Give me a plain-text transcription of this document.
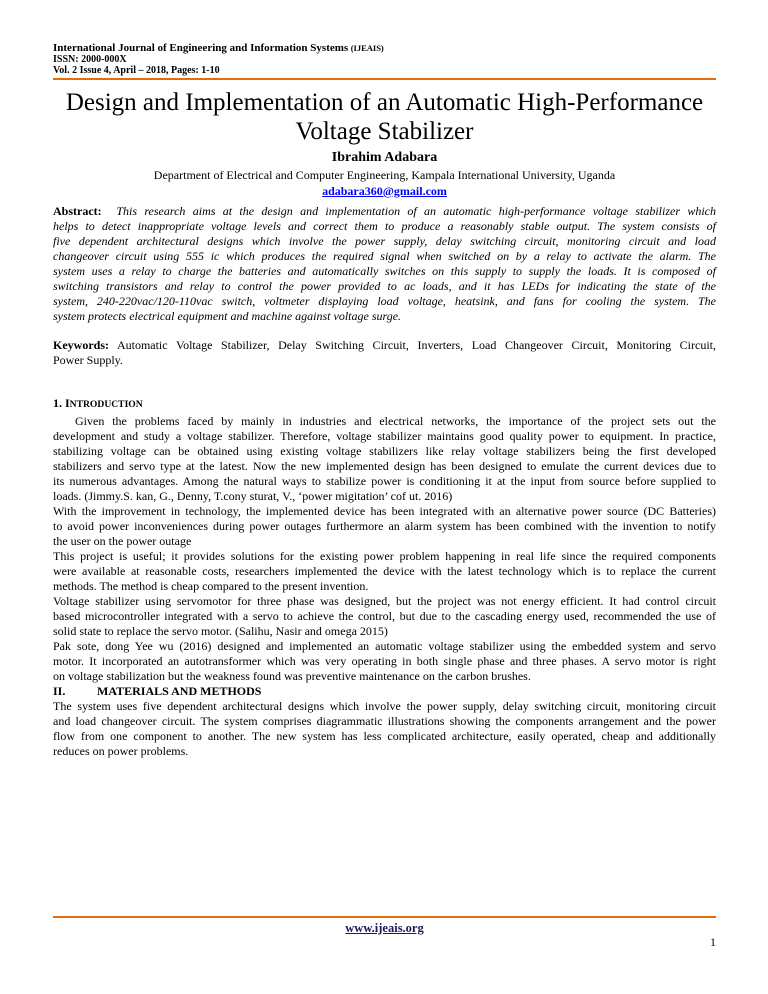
International Journal of Engineering and Information Systems (IJEAIS)
ISSN: 2000-000X
Vol. 2 Issue 4, April – 2018, Pages: 1-10
Design and Implementation of an Automatic High-Performance
Voltage Stabilizer
Ibrahim Adabara
Department of Electrical and Computer Engineering, Kampala International University, Uganda
adabara360@gmail.com
Abstract: This research aims at the design and implementation of an automatic high-performance voltage stabilizer which
helps to detect inappropriate voltage levels and correct them to produce a reasonably stable output. The system consists of
five dependent architectural designs which involve the power supply, delay switching circuit, monitoring circuit and load
changeover circuit using 555 ic which produces the required signal when switched on by a relay to activate the alarm. The
system uses a relay to charge the batteries and automatically switches on this supply to supply the loads. It is composed of
switching transistors and relay to control the power provided to ac loads, and it has LEDs for indicating the state of the
system, 240-220vac/120-110vac switch, voltmeter displaying load voltage, heatsink, and fans for cooling the system. The
system protects electrical equipment and machine against voltage surge.
Keywords: Automatic Voltage Stabilizer, Delay Switching Circuit, Inverters, Load Changeover Circuit, Monitoring Circuit,
Power Supply.
1. INTRODUCTION
Given the problems faced by mainly in industries and electrical networks, the importance of the project sets out the
development and study a voltage stabilizer. Therefore, voltage stabilizer maintains good quality power to equipment. In practice,
stabilizing voltage can be obtained using existing voltage stabilizers like relay voltage stabilizers being the first developed
stabilizers and servo type at the latest. Now the new implemented design has been designed to emulate the current devices due to
its numerous advantages. Among the natural ways to stabilize power is conditioning it at the input from source before supplied to
loads. (Jimmy.S. kan, G., Denny, T.cony sturat, V., ‘power migitation’ cof ut. 2016)
With the improvement in technology, the implemented device has been integrated with an alternative power source (DC Batteries)
to avoid power inconveniences during power outages furthermore an alarm system has been combined with the invention to notify
the user on the power outage
This project is useful; it provides solutions for the existing power problem happening in real life since the required components
were available at reasonable costs, researchers implemented the device with the latest technology which is to replace the current
methods. The method is cheap compared to the present invention.
Voltage stabilizer using servomotor for three phase was designed, but the project was not energy efficient. It had control circuit
based microcontroller integrated with a servo to achieve the control, but due to the cascading energy used, recommended the use of
solid state to replace the servo motor. (Salihu, Nasir and omega 2015)
Pak sote, dong Yee wu (2016) designed and implemented an automatic voltage stabilizer using the embedded system and servo
motor. It incorporated an autotransformer which was very operating in both single phase and three phases. A servo motor is right
on voltage stabilization but the weakness found was preventive maintenance on the carbon brushes.
II.	MATERIALS AND METHODS
The system uses five dependent architectural designs which involve the power supply, delay switching circuit, monitoring circuit
and load changeover circuit. The system comprises diagrammatic illustrations showing the components arrangement and the power
flow from one component to another. The new system has less complicated architecture, easily operated, cheap and additionally
reduces on power problems.
www.ijeais.org
1
